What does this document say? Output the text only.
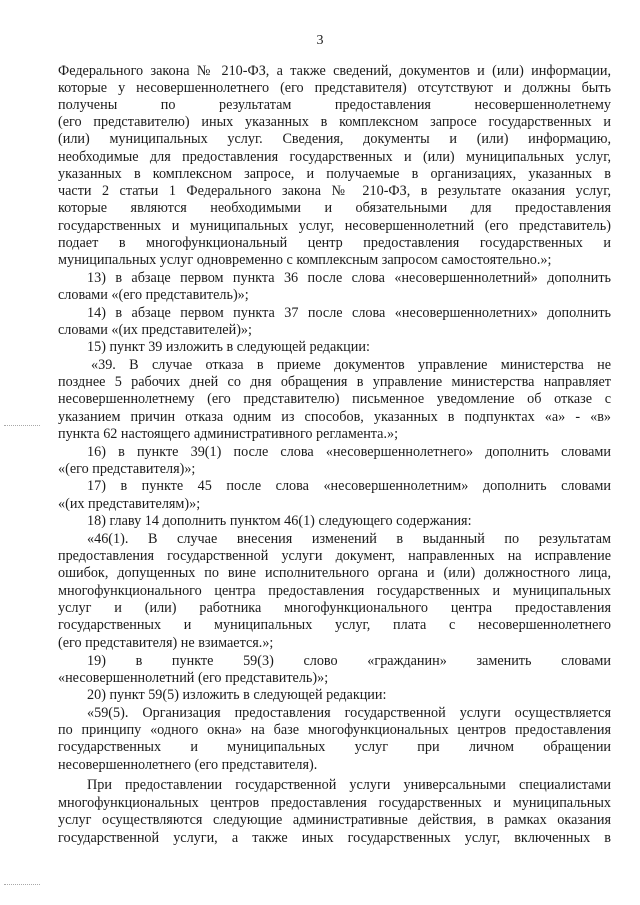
3
Федерального закона № 210-ФЗ, а также сведений, документов и (или) информации,
которые у несовершеннолетнего (его представителя) отсутствуют и должны быть
получены по результатам предоставления несовершеннолетнему
(его представителю) иных указанных в комплексном запросе государственных и
(или) муниципальных услуг. Сведения, документы и (или) информацию,
необходимые для предоставления государственных и (или) муниципальных услуг,
указанных в комплексном запросе, и получаемые в организациях, указанных в
части 2 статьи 1 Федерального закона № 210-ФЗ, в результате оказания услуг,
которые являются необходимыми и обязательными для предоставления
государственных и муниципальных услуг, несовершеннолетний (его представитель)
подает в многофункциональный центр предоставления государственных и
муниципальных услуг одновременно с комплексным запросом самостоятельно.»;
13) в абзаце первом пункта 36 после слова «несовершеннолетний» дополнить
словами «(его представитель)»;
14) в абзаце первом пункта 37 после слова «несовершеннолетних» дополнить
словами «(их представителей)»;
15) пункт 39 изложить в следующей редакции:
«39. В случае отказа в приеме документов управление министерства не
позднее 5 рабочих дней со дня обращения в управление министерства направляет
несовершеннолетнему (его представителю) письменное уведомление об отказе с
указанием причин отказа одним из способов, указанных в подпунктах «а» - «в»
пункта 62 настоящего административного регламента.»;
16) в пункте 39(1) после слова «несовершеннолетнего» дополнить словами
«(его представителя)»;
17) в пункте 45 после слова «несовершеннолетним» дополнить словами
«(их представителям)»;
18) главу 14 дополнить пунктом 46(1) следующего содержания:
«46(1). В случае внесения изменений в выданный по результатам
предоставления государственной услуги документ, направленных на исправление
ошибок, допущенных по вине исполнительного органа и (или) должностного лица,
многофункционального центра предоставления государственных и муниципальных
услуг и (или) работника многофункционального центра предоставления
государственных и муниципальных услуг, плата с несовершеннолетнего
(его представителя) не взимается.»;
19) в пункте 59(3) слово «гражданин» заменить словами
«несовершеннолетний (его представитель)»;
20) пункт 59(5) изложить в следующей редакции:
«59(5). Организация предоставления государственной услуги осуществляется
по принципу «одного окна» на базе многофункциональных центров предоставления
государственных и муниципальных услуг при личном обращении
несовершеннолетнего (его представителя).
При предоставлении государственной услуги универсальными специалистами
многофункциональных центров предоставления государственных и муниципальных
услуг осуществляются следующие административные действия, в рамках оказания
государственной услуги, а также иных государственных услуг, включенных в
